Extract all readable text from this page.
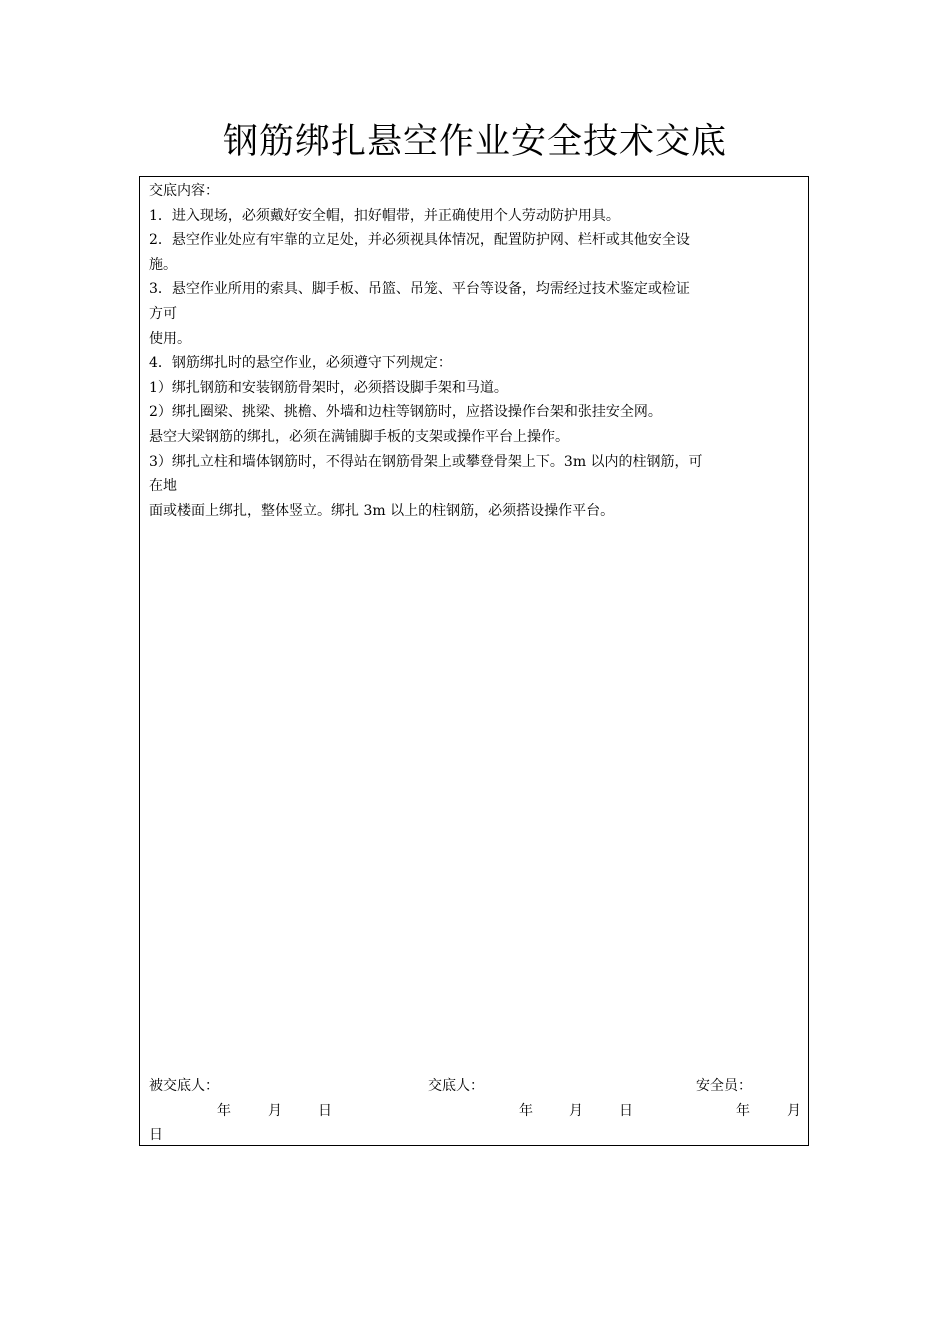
钢筋绑扎悬空作业安全技术交底
交底内容：
1．进入现场，必须戴好安全帽，扣好帽带，并正确使用个人劳动防护用具。
2．悬空作业处应有牢靠的立足处，并必须视具体情况，配置防护网、栏杆或其他安全设
施。
3．悬空作业所用的索具、脚手板、吊篮、吊笼、平台等设备，均需经过技术鉴定或检证
方可
使用。
4．钢筋绑扎时的悬空作业，必须遵守下列规定：
1）绑扎钢筋和安装钢筋骨架时，必须搭设脚手架和马道。
2）绑扎圈梁、挑梁、挑檐、外墙和边柱等钢筋时，应搭设操作台架和张挂安全网。
悬空大梁钢筋的绑扎，必须在满铺脚手板的支架或操作平台上操作。
3）绑扎立柱和墙体钢筋时，不得站在钢筋骨架上或攀登骨架上下。3m 以内的柱钢筋，可
在地
面或楼面上绑扎，整体竖立。绑扎 3m 以上的柱钢筋，必须搭设操作平台。
被交底人：	交底人：	安全员：
年	月	日	年	月	日	年	月
日
